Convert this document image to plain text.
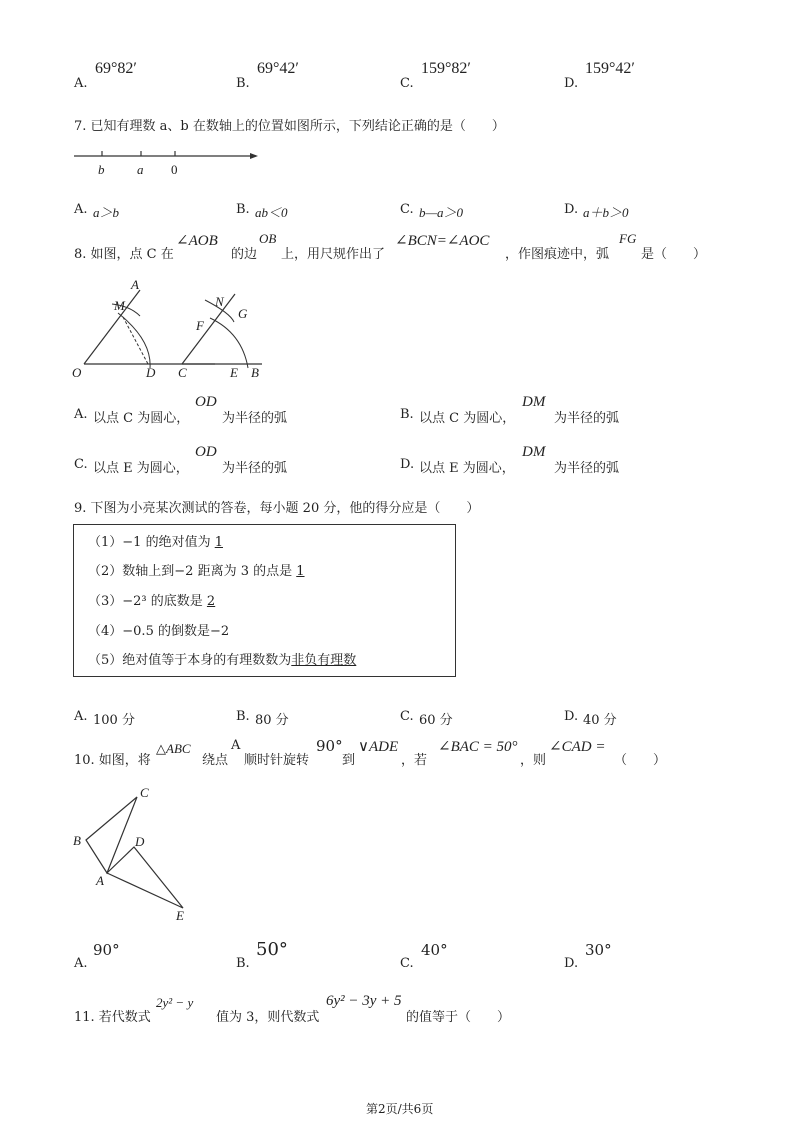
A.
69°82′
B.
69°42′
C.
159°82′
D.
159°42′
7. 已知有理数 a、b 在数轴上的位置如图所示，下列结论正确的是（　　）
b	a 0
A. a＞b	B. ab＜0	C. b—a＞0	D. a＋b＞0
8. 如图，点 C 在
∠AOB
的边
OB
上，用尺规作出了
∠BCN=∠AOC
，作图痕迹中，弧
FG
是（　　）
A
M
O	D
N
G
F
C	E B
A. 以点 C 为圆心，
OD
为半径的弧	B. 以点 C 为圆心，
DM
为半径的弧
C. 以点 E 为圆心，
OD
为半径的弧	D. 以点 E 为圆心，
DM
为半径的弧
9. 下图为小亮某次测试的答卷，每小题 20 分，他的得分应是（　　）
（1）−1 的绝对值为 1
（2）数轴上到−2 距离为 3 的点是 1
（3）−2³ 的底数是 2
（4）−0.5 的倒数是−2
（5）绝对值等于本身的有理数数为非负有理数
A. 100 分	B. 80 分	C. 60 分	D. 40 分
10. 如图，将
△ABC
绕点
A
顺时针旋转
90°
到
∨ADE
，若
∠BAC = 50°
，则
∠CAD =
（　　）
C
B	D
A
E
A.
90°
B.
50°
C.
40°
D.
30°
11. 若代数式
2y² − y
值为 3，则代数式
6y² − 3y + 5
的值等于（　　）
第2页/共6页
